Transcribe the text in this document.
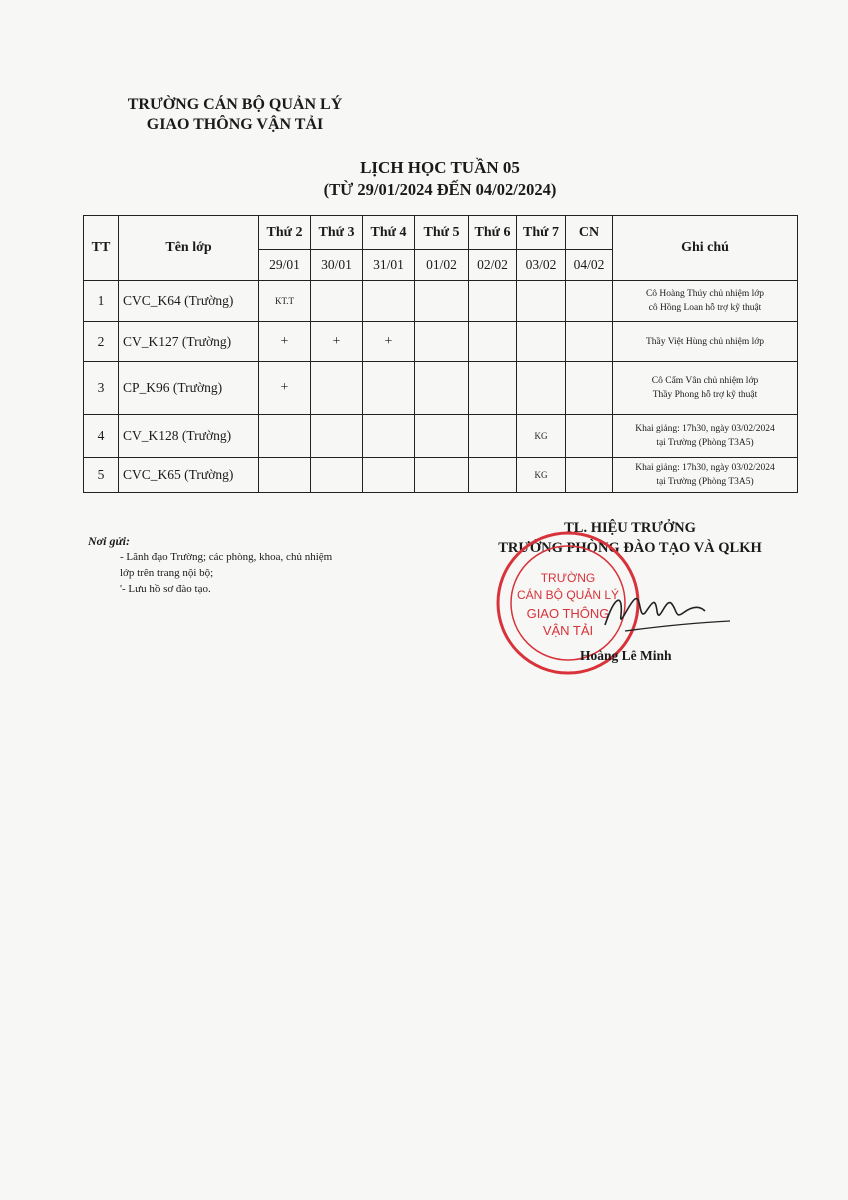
TRƯỜNG CÁN BỘ QUẢN LÝ
GIAO THÔNG VẬN TẢI
LỊCH HỌC TUẦN 05
(TỪ 29/01/2024 ĐẾN 04/02/2024)
TT	Tên lớp	Thứ 2	Thứ 3	Thứ 4	Thứ 5	Thứ 6	Thứ 7	CN	Ghi chú
		29/01	30/01	31/01	01/02	02/02	03/02	04/02	
1	CVC_K64 (Trường)	KT.T							Cô Hoàng Thúy chủ nhiệm lớp
cô Hồng Loan hỗ trợ kỹ thuật

2	CV_K127 (Trường)	+	+	+					Thầy Việt Hùng chủ nhiệm lớp

3	CP_K96 (Trường)	+							Cô Cẩm Vân chủ nhiệm lớp
Thầy Phong hỗ trợ kỹ thuật

4	CV_K128 (Trường)						KG		Khai giảng: 17h30, ngày 03/02/2024
tại Trường (Phòng T3A5)

5	CVC_K65 (Trường)						KG		Khai giảng: 17h30, ngày 03/02/2024
tại Trường (Phòng T3A5)
Nơi gửi:
- Lãnh đạo Trường; các phòng, khoa, chủ nhiệm
lớp trên trang nội bộ;
'- Lưu hồ sơ đào tạo.
TL. HIỆU TRƯỞNG
TRƯỞNG PHÒNG ĐÀO TẠO VÀ QLKH
TRƯỜNG
CÁN BỘ QUẢN LÝ
GIAO THÔNG
VẬN TẢI
Hoàng Lê Minh
